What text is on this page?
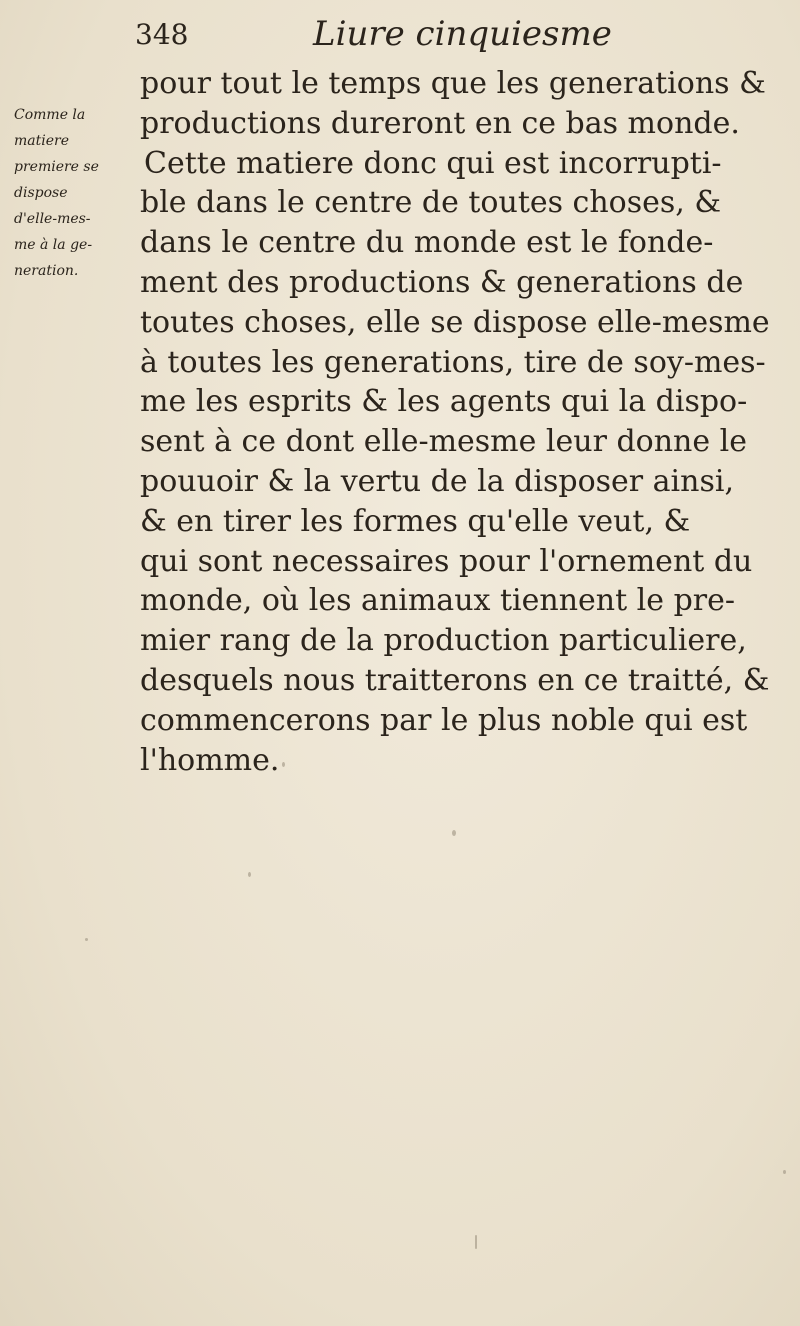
348	Liure cinquiesme
Comme la
matiere
premiere se
dispose
d'elle-mes-
me à la ge-
neration.
pour tout le temps que les generations &
productions dureront en ce bas monde.
Cette matiere donc qui est incorrupti-
ble dans le centre de toutes choses, &
dans le centre du monde est le fonde-
ment des productions & generations de
toutes choses, elle se dispose elle-mesme
à toutes les generations, tire de soy-mes-
me les esprits & les agents qui la dispo-
sent à ce dont elle-mesme leur donne le
pouuoir & la vertu de la disposer ainsi,
& en tirer les formes qu'elle veut, &
qui sont necessaires pour l'ornement du
monde, où les animaux tiennent le pre-
mier rang de la production particuliere,
desquels nous traitterons en ce traitté, &
commencerons par le plus noble qui est
l'homme.
